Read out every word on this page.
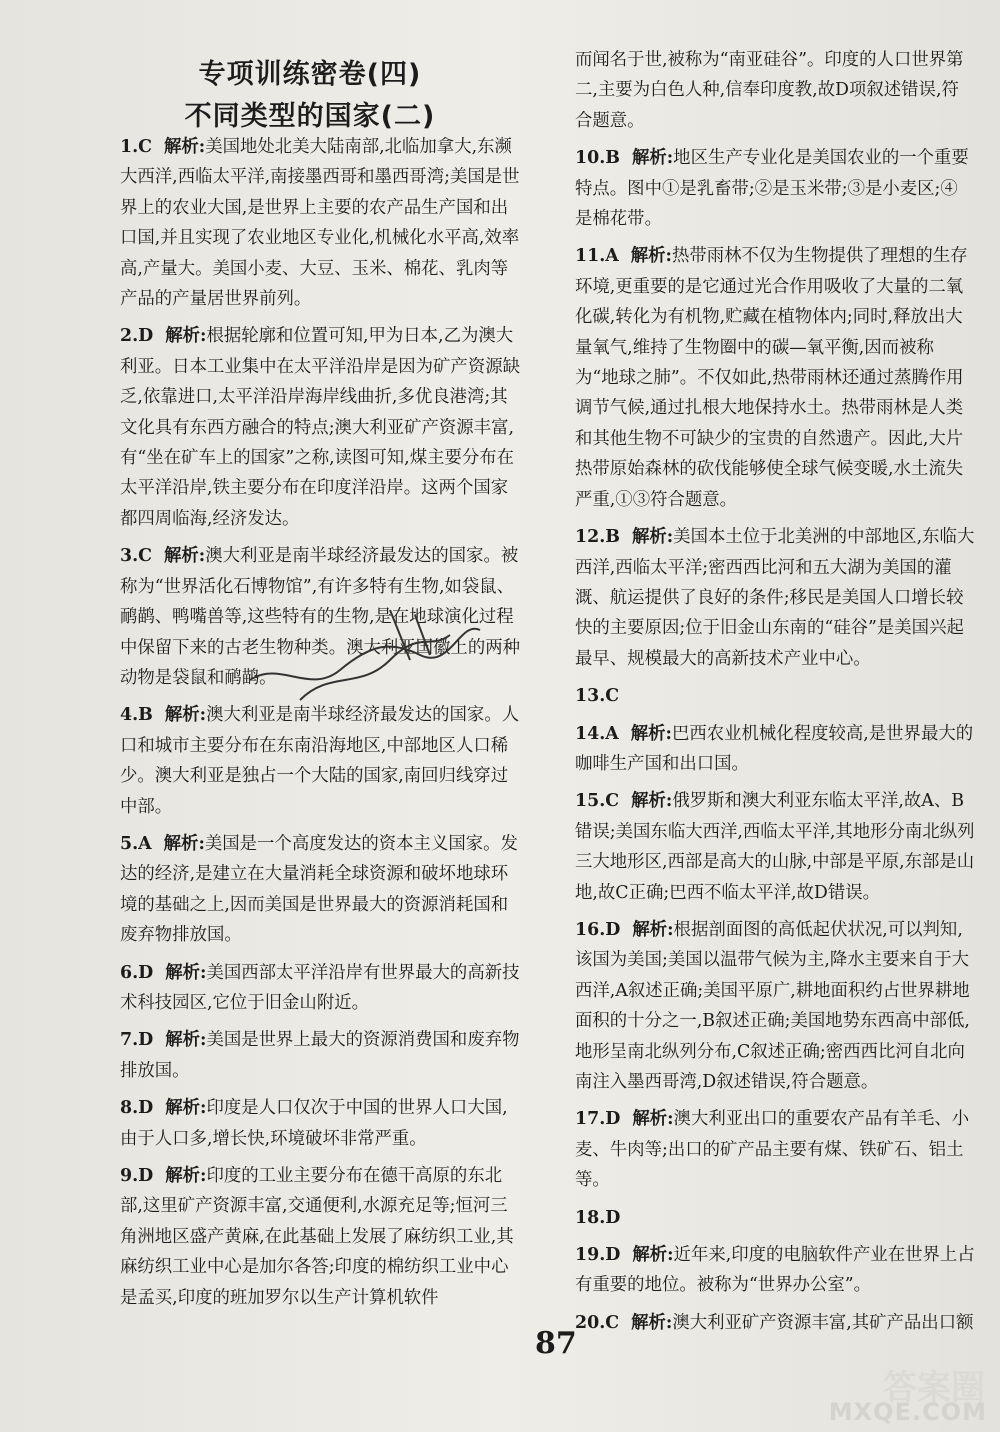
专项训练密卷(四)
不同类型的国家(二)
1.C 解析:美国地处北美大陆南部,北临加拿大,东濒大西洋,西临太平洋,南接墨西哥和墨西哥湾;美国是世界上的农业大国,是世界上主要的农产品生产国和出口国,并且实现了农业地区专业化,机械化水平高,效率高,产量大。美国小麦、大豆、玉米、棉花、乳肉等产品的产量居世界前列。
2.D 解析:根据轮廓和位置可知,甲为日本,乙为澳大利亚。日本工业集中在太平洋沿岸是因为矿产资源缺乏,依靠进口,太平洋沿岸海岸线曲折,多优良港湾;其文化具有东西方融合的特点;澳大利亚矿产资源丰富,有“坐在矿车上的国家”之称,读图可知,煤主要分布在太平洋沿岸,铁主要分布在印度洋沿岸。这两个国家都四周临海,经济发达。
3.C 解析:澳大利亚是南半球经济最发达的国家。被称为“世界活化石博物馆”,有许多特有生物,如袋鼠、鸸鹋、鸭嘴兽等,这些特有的生物,是在地球演化过程中保留下来的古老生物种类。澳大利亚国徽上的两种动物是袋鼠和鸸鹋。
4.B 解析:澳大利亚是南半球经济最发达的国家。人口和城市主要分布在东南沿海地区,中部地区人口稀少。澳大利亚是独占一个大陆的国家,南回归线穿过中部。
5.A 解析:美国是一个高度发达的资本主义国家。发达的经济,是建立在大量消耗全球资源和破坏地球环境的基础之上,因而美国是世界最大的资源消耗国和废弃物排放国。
6.D 解析:美国西部太平洋沿岸有世界最大的高新技术科技园区,它位于旧金山附近。
7.D 解析:美国是世界上最大的资源消费国和废弃物排放国。
8.D 解析:印度是人口仅次于中国的世界人口大国,由于人口多,增长快,环境破坏非常严重。
9.D 解析:印度的工业主要分布在德干高原的东北部,这里矿产资源丰富,交通便利,水源充足等;恒河三角洲地区盛产黄麻,在此基础上发展了麻纺织工业,其麻纺织工业中心是加尔各答;印度的棉纺织工业中心是孟买,印度的班加罗尔以生产计算机软件
而闻名于世,被称为“南亚硅谷”。印度的人口世界第二,主要为白色人种,信奉印度教,故D项叙述错误,符合题意。
10.B 解析:地区生产专业化是美国农业的一个重要特点。图中①是乳畜带;②是玉米带;③是小麦区;④是棉花带。
11.A 解析:热带雨林不仅为生物提供了理想的生存环境,更重要的是它通过光合作用吸收了大量的二氧化碳,转化为有机物,贮藏在植物体内;同时,释放出大量氧气,维持了生物圈中的碳—氧平衡,因而被称为“地球之肺”。不仅如此,热带雨林还通过蒸腾作用调节气候,通过扎根大地保持水土。热带雨林是人类和其他生物不可缺少的宝贵的自然遗产。因此,大片热带原始森林的砍伐能够使全球气候变暖,水土流失严重,①③符合题意。
12.B 解析:美国本土位于北美洲的中部地区,东临大西洋,西临太平洋;密西西比河和五大湖为美国的灌溉、航运提供了良好的条件;移民是美国人口增长较快的主要原因;位于旧金山东南的“硅谷”是美国兴起最早、规模最大的高新技术产业中心。
13.C
14.A 解析:巴西农业机械化程度较高,是世界最大的咖啡生产国和出口国。
15.C 解析:俄罗斯和澳大利亚东临太平洋,故A、B错误;美国东临大西洋,西临太平洋,其地形分南北纵列三大地形区,西部是高大的山脉,中部是平原,东部是山地,故C正确;巴西不临太平洋,故D错误。
16.D 解析:根据剖面图的高低起伏状况,可以判知,该国为美国;美国以温带气候为主,降水主要来自于大西洋,A叙述正确;美国平原广,耕地面积约占世界耕地面积的十分之一,B叙述正确;美国地势东西高中部低,地形呈南北纵列分布,C叙述正确;密西西比河自北向南注入墨西哥湾,D叙述错误,符合题意。
17.D 解析:澳大利亚出口的重要农产品有羊毛、小麦、牛肉等;出口的矿产品主要有煤、铁矿石、铝土等。
18.D
19.D 解析:近年来,印度的电脑软件产业在世界上占有重要的地位。被称为“世界办公室”。
20.C 解析:澳大利亚矿产资源丰富,其矿产品出口额
87
答案圈
MXQE.COM
